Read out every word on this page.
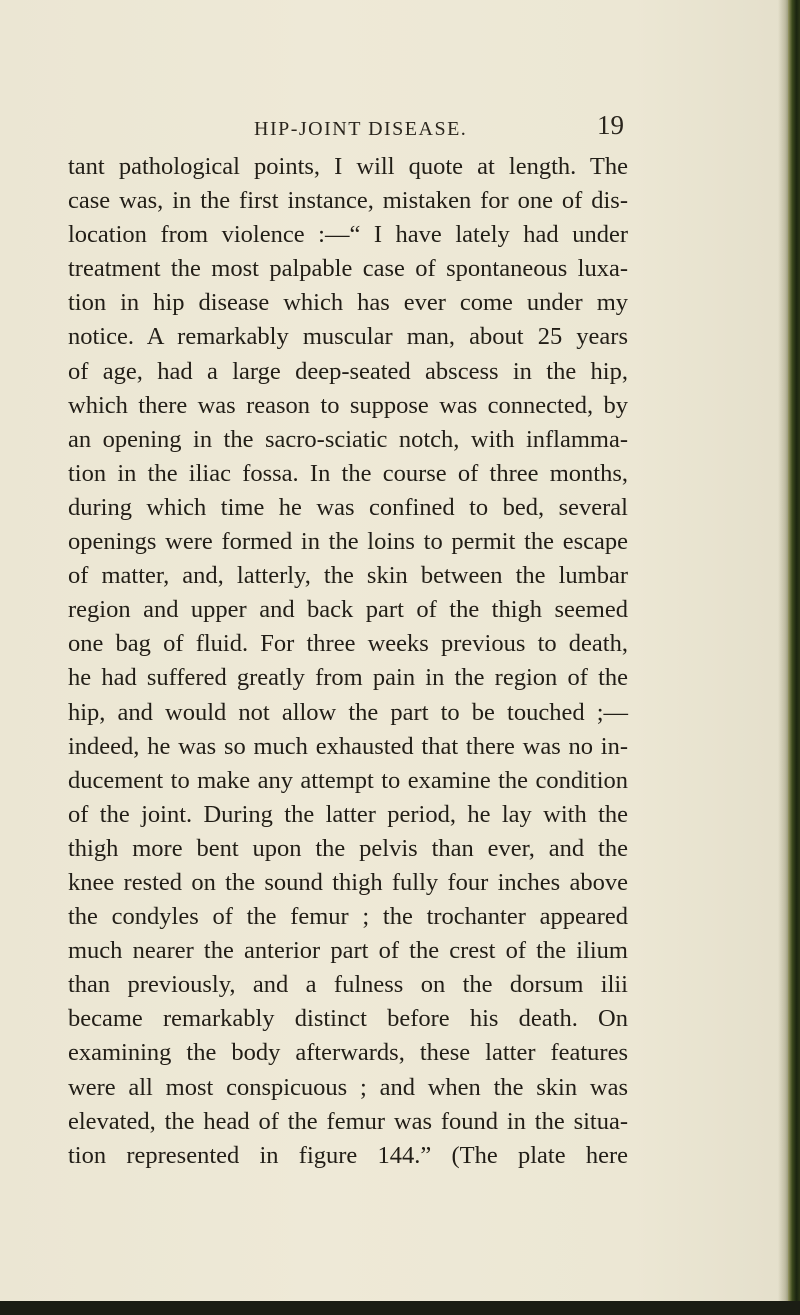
HIP-JOINT DISEASE.	19
tant pathological points, I will quote at length. The
case was, in the first instance, mistaken for one of dis-
location from violence :—“ I have lately had under
treatment the most palpable case of spontaneous luxa-
tion in hip disease which has ever come under my
notice. A remarkably muscular man, about 25 years
of age, had a large deep-seated abscess in the hip,
which there was reason to suppose was connected, by
an opening in the sacro-sciatic notch, with inflamma-
tion in the iliac fossa. In the course of three months,
during which time he was confined to bed, several
openings were formed in the loins to permit the escape
of matter, and, latterly, the skin between the lumbar
region and upper and back part of the thigh seemed
one bag of fluid. For three weeks previous to death,
he had suffered greatly from pain in the region of the
hip, and would not allow the part to be touched ;—
indeed, he was so much exhausted that there was no in-
ducement to make any attempt to examine the condition
of the joint. During the latter period, he lay with the
thigh more bent upon the pelvis than ever, and the
knee rested on the sound thigh fully four inches above
the condyles of the femur ; the trochanter appeared
much nearer the anterior part of the crest of the ilium
than previously, and a fulness on the dorsum ilii
became remarkably distinct before his death. On
examining the body afterwards, these latter features
were all most conspicuous ; and when the skin was
elevated, the head of the femur was found in the situa-
tion represented in figure 144.” (The plate here
